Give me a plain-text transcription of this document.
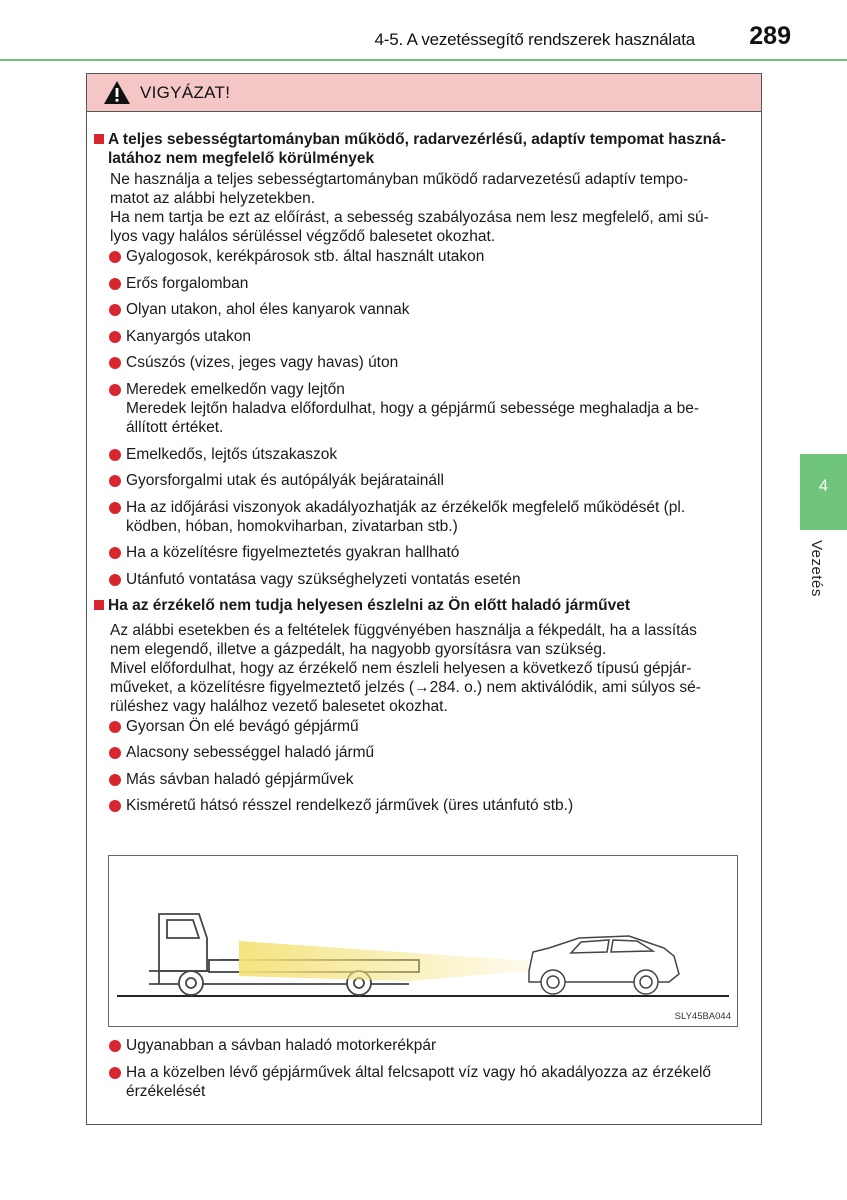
4-5. A vezetéssegítő rendszerek használata 289
4
Vezetés
VIGYÁZAT!
A teljes sebességtartományban működő, radarvezérlésű, adaptív tempomat haszná-
latához nem megfelelő körülmények
Ne használja a teljes sebességtartományban működő radarvezetésű adaptív tempo-
matot az alábbi helyzetekben.
Ha nem tartja be ezt az előírást, a sebesség szabályozása nem lesz megfelelő, ami sú-
lyos vagy halálos sérüléssel végződő balesetet okozhat.
Gyalogosok, kerékpárosok stb. által használt utakon
Erős forgalomban
Olyan utakon, ahol éles kanyarok vannak
Kanyargós utakon
Csúszós (vizes, jeges vagy havas) úton
Meredek emelkedőn vagy lejtőn
Meredek lejtőn haladva előfordulhat, hogy a gépjármű sebessége meghaladja a be-
állított értéket.
Emelkedős, lejtős útszakaszok
Gyorsforgalmi utak és autópályák bejárataináll
Ha az időjárási viszonyok akadályozhatják az érzékelők megfelelő működését (pl.
ködben, hóban, homokviharban, zivatarban stb.)
Ha a közelítésre figyelmeztetés gyakran hallható
Utánfutó vontatása vagy szükséghelyzeti vontatás esetén
Ha az érzékelő nem tudja helyesen észlelni az Ön előtt haladó járművet
Az alábbi esetekben és a feltételek függvényében használja a fékpedált, ha a lassítás
nem elegendő, illetve a gázpedált, ha nagyobb gyorsításra van szükség.
Mivel előfordulhat, hogy az érzékelő nem észleli helyesen a következő típusú gépjár-
műveket, a közelítésre figyelmeztető jelzés (→284. o.) nem aktiválódik, ami súlyos sé-
rüléshez vagy halálhoz vezető balesetet okozhat.
Gyorsan Ön elé bevágó gépjármű
Alacsony sebességgel haladó jármű
Más sávban haladó gépjárművek
Kisméretű hátsó résszel rendelkező járművek (üres utánfutó stb.)
Ugyanabban a sávban haladó motorkerékpár
Ha a közelben lévő gépjárművek által felcsapott víz vagy hó akadályozza az érzékelő
érzékelését
SLY45BA044
